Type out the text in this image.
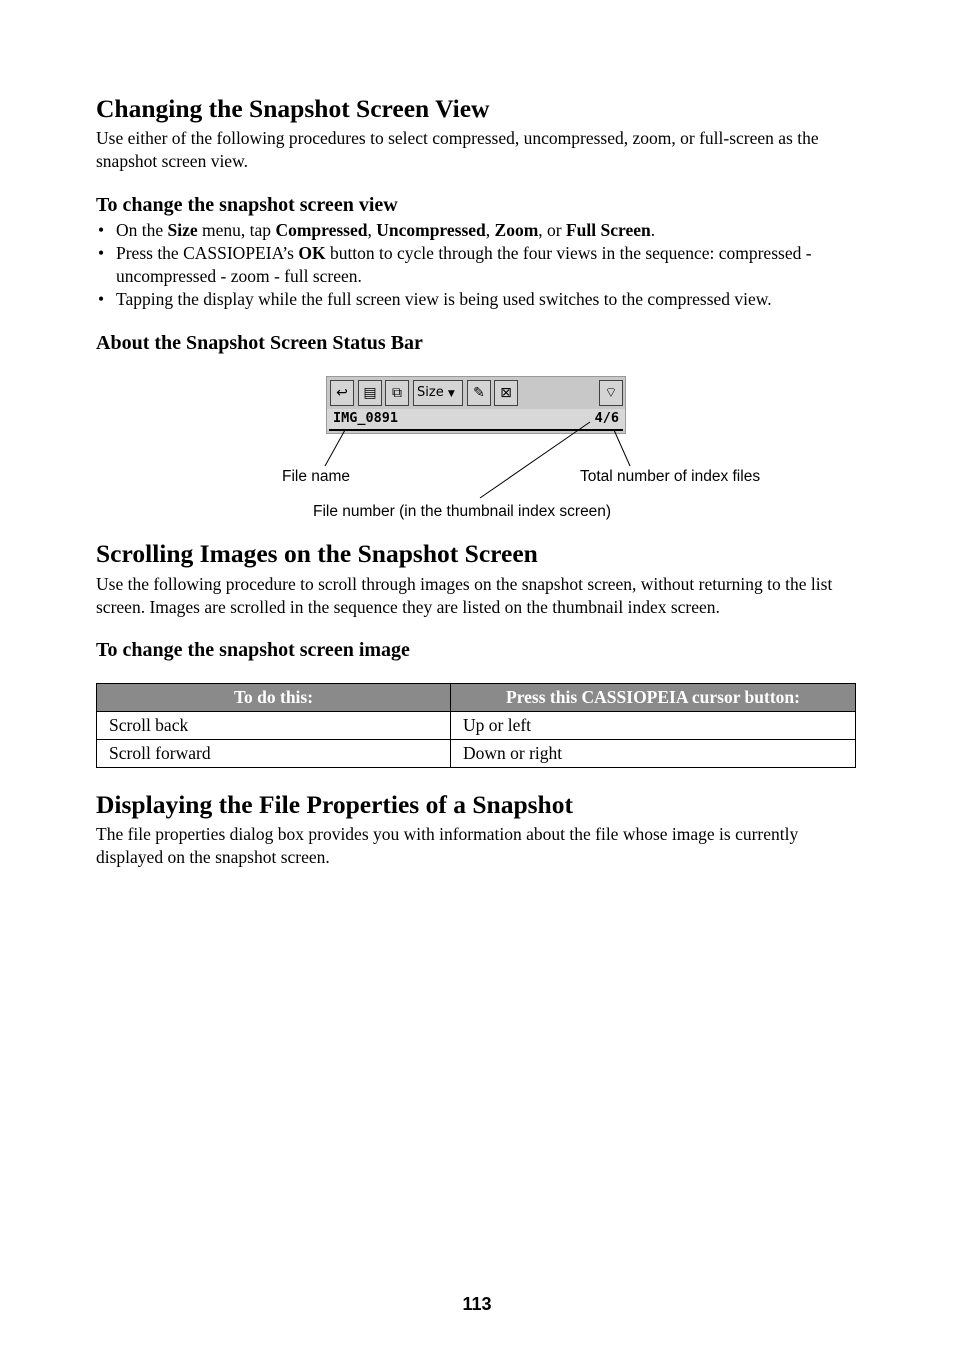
Changing the Snapshot Screen View

Use either of the following procedures to select compressed, uncompressed, zoom, or full-screen as the snapshot screen view.

To change the snapshot screen view
• On the Size menu, tap Compressed, Uncompressed, Zoom, or Full Screen.
• Press the CASSIOPEIA’s OK button to cycle through the four views in the sequence: compressed - uncompressed - zoom - full screen.
• Tapping the display while the full screen view is being used switches to the compressed view.
About the Snapshot Screen Status Bar
↩	▤	⧉	Size ▼	✎	⊠	⌔
IMG_0891	4/6
File name	Total number of index files
File number (in the thumbnail index screen)
Scrolling Images on the Snapshot Screen

Use the following procedure to scroll through images on the snapshot screen, without returning to the list screen. Images are scrolled in the sequence they are listed on the thumbnail index screen.

To change the snapshot screen image
To do this:	Press this CASSIOPEIA cursor button:
Scroll back	Up or left
Scroll forward	Down or right
Displaying the File Properties of a Snapshot

The file properties dialog box provides you with information about the file whose image is currently displayed on the snapshot screen.

113
